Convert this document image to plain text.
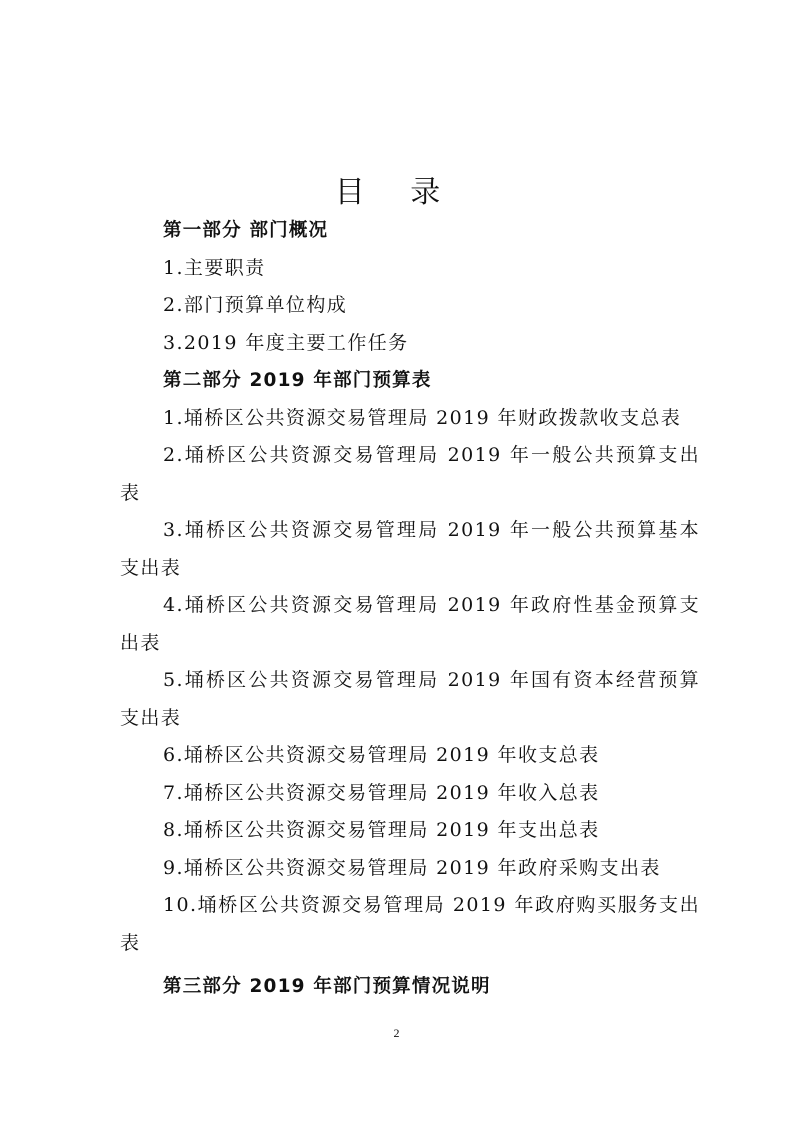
目 录
第一部分 部门概况
1.主要职责
2.部门预算单位构成
3.2019 年度主要工作任务
第二部分 2019 年部门预算表
1.埇桥区公共资源交易管理局 2019 年财政拨款收支总表
2.埇桥区公共资源交易管理局 2019 年一般公共预算支出表
3.埇桥区公共资源交易管理局 2019 年一般公共预算基本支出表
4.埇桥区公共资源交易管理局 2019 年政府性基金预算支出表
5.埇桥区公共资源交易管理局 2019 年国有资本经营预算支出表
6.埇桥区公共资源交易管理局 2019 年收支总表
7.埇桥区公共资源交易管理局 2019 年收入总表
8.埇桥区公共资源交易管理局 2019 年支出总表
9.埇桥区公共资源交易管理局 2019 年政府采购支出表
10.埇桥区公共资源交易管理局 2019 年政府购买服务支出表
第三部分 2019 年部门预算情况说明
2
